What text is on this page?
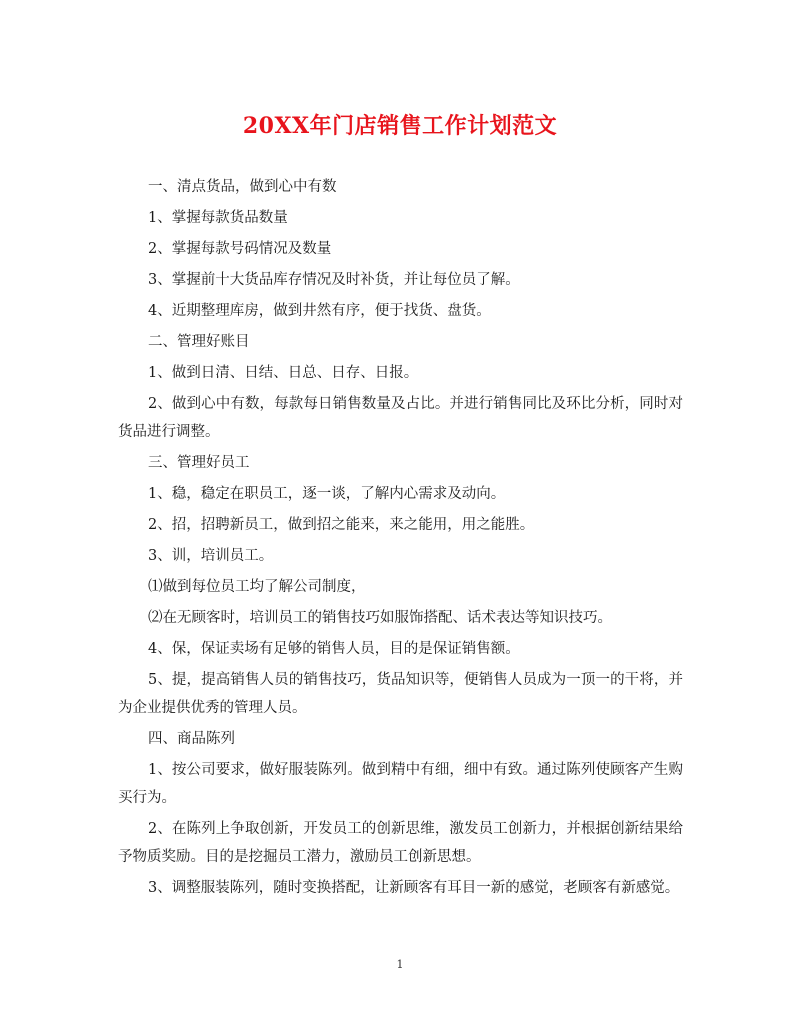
20XX年门店销售工作计划范文

一、清点货品，做到心中有数

1、掌握每款货品数量

2、掌握每款号码情况及数量

3、掌握前十大货品库存情况及时补货，并让每位员了解。

4、近期整理库房，做到井然有序，便于找货、盘货。

二、管理好账目

1、做到日清、日结、日总、日存、日报。

2、做到心中有数，每款每日销售数量及占比。并进行销售同比及环比分析，同时对货品进行调整。

三、管理好员工

1、稳，稳定在职员工，逐一谈，了解内心需求及动向。

2、招，招聘新员工，做到招之能来，来之能用，用之能胜。

3、训，培训员工。

⑴做到每位员工均了解公司制度，

⑵在无顾客时，培训员工的销售技巧如服饰搭配、话术表达等知识技巧。

4、保，保证卖场有足够的销售人员，目的是保证销售额。

5、提，提高销售人员的销售技巧，货品知识等，便销售人员成为一顶一的干将，并为企业提供优秀的管理人员。

四、商品陈列

1、按公司要求，做好服装陈列。做到精中有细，细中有致。通过陈列使顾客产生购买行为。

2、在陈列上争取创新，开发员工的创新思维，激发员工创新力，并根据创新结果给予物质奖励。目的是挖掘员工潜力，激励员工创新思想。

3、调整服装陈列，随时变换搭配，让新顾客有耳目一新的感觉，老顾客有新感觉。

1
